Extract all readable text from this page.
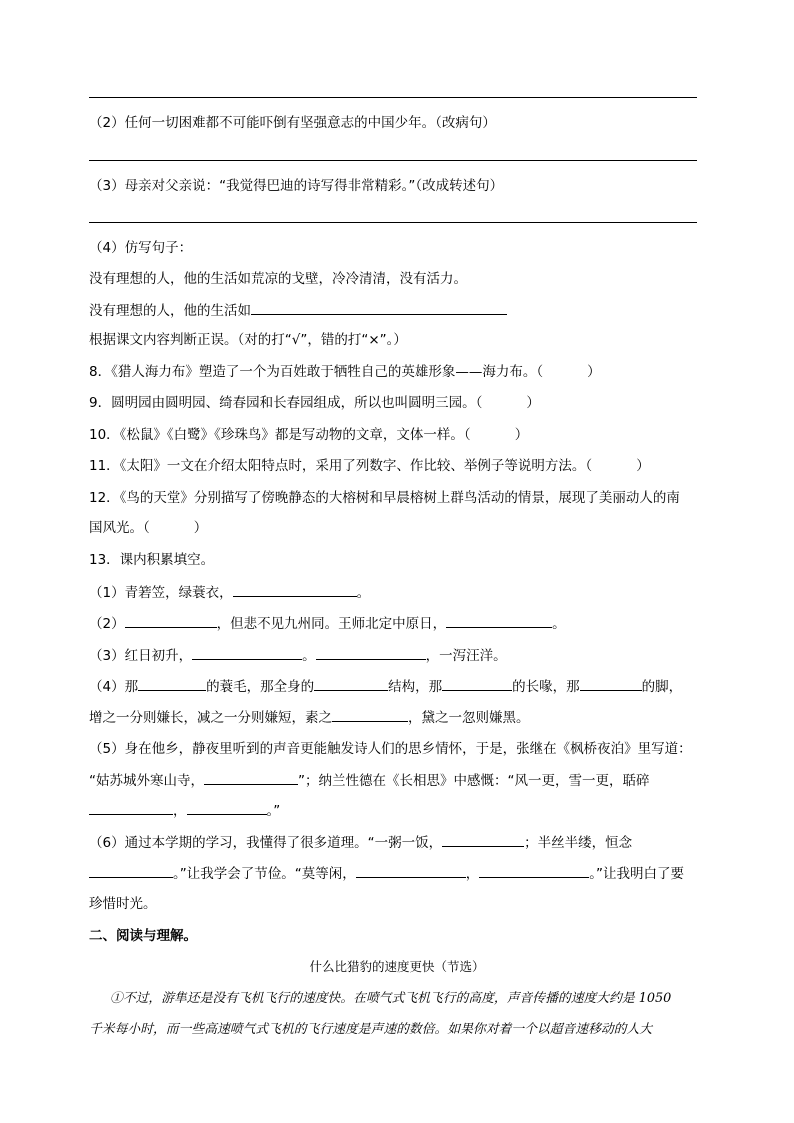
（2）任何一切困难都不可能吓倒有坚强意志的中国少年。（改病句）
（3）母亲对父亲说：“我觉得巴迪的诗写得非常精彩。”（改成转述句）
（4）仿写句子：
没有理想的人，他的生活如荒凉的戈壁，冷冷清清，没有活力。
没有理想的人，他的生活如
根据课文内容判断正误。（对的打“√”，错的打“×”。）
8．《猎人海力布》塑造了一个为百姓敢于牺牲自己的英雄形象——海力布。（	）
9．圆明园由圆明园、绮春园和长春园组成，所以也叫圆明三园。（	）
10．《松鼠》《白鹭》《珍珠鸟》都是写动物的文章，文体一样。（	）
11．《太阳》一文在介绍太阳特点时，采用了列数字、作比较、举例子等说明方法。（	）
12．《鸟的天堂》分别描写了傍晚静态的大榕树和早晨榕树上群鸟活动的情景，展现了美丽动人的南
国风光。（	）
13．课内积累填空。
（1）青箬笠，绿蓑衣，	。
（2）	，但悲不见九州同。王师北定中原日，	。
（3）红日初升，	。	，一泻汪洋。
（4）那	的蓑毛，那全身的	结构，那	的长喙，那	的脚，
增之一分则嫌长，减之一分则嫌短，素之	，黛之一忽则嫌黑。
（5）身在他乡，静夜里听到的声音更能触发诗人们的思乡情怀，于是，张继在《枫桥夜泊》里写道：
“姑苏城外寒山寺，	”；纳兰性德在《长相思》中感慨：“风一更，雪一更，聒碎
，	。”
（6）通过本学期的学习，我懂得了很多道理。“一粥一饭，	；半丝半缕，恒念
。”让我学会了节俭。“莫等闲，	，	。”让我明白了要
珍惜时光。
二、阅读与理解。
什么比猎豹的速度更快（节选）
①不过，游隼还是没有飞机飞行的速度快。在喷气式飞机飞行的高度，声音传播的速度大约是 1050
千米每小时，而一些高速喷气式飞机的飞行速度是声速的数倍。如果你对着一个以超音速移动的人大
